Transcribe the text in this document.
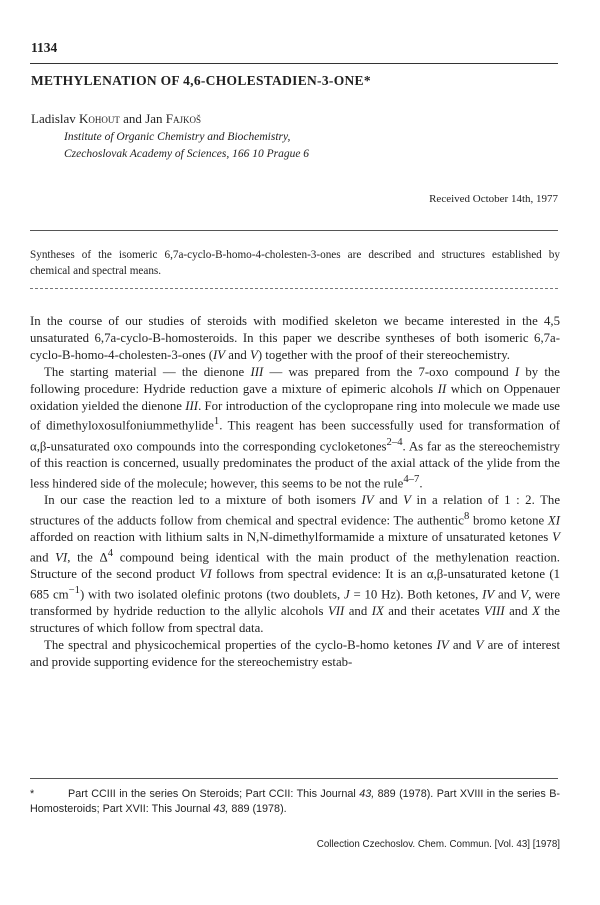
1134
METHYLENATION OF 4,6-CHOLESTADIEN-3-ONE*
Ladislav Kohout and Jan Fajkoš
Institute of Organic Chemistry and Biochemistry,
Czechoslovak Academy of Sciences, 166 10 Prague 6
Received October 14th, 1977
Syntheses of the isomeric 6,7a-cyclo-B-homo-4-cholesten-3-ones are described and structures established by chemical and spectral means.

In the course of our studies of steroids with modified skeleton we became interested in the 4,5 unsaturated 6,7a-cyclo-B-homosteroids. In this paper we describe syntheses of both isomeric 6,7a-cyclo-B-homo-4-cholesten-3-ones (IV and V) together with the proof of their stereochemistry.

The starting material — the dienone III — was prepared from the 7-oxo compound I by the following procedure: Hydride reduction gave a mixture of epimeric alcohols II which on Oppenauer oxidation yielded the dienone III. For introduction of the cyclopropane ring into molecule we made use of dimethyloxosulfoniummethylide$^1$. This reagent has been successfully used for transformation of α,β-unsaturated oxo compounds into the corresponding cycloketones$^{2-4}$. As far as the stereochemistry of this reaction is concerned, usually predominates the product of the axial attack of the ylide from the less hindered side of the molecule; however, this seems to be not the rule$^{4-7}$.

In our case the reaction led to a mixture of both isomers IV and V in a relation of 1 : 2. The structures of the adducts follow from chemical and spectral evidence: The authentic$^8$ bromo ketone XI afforded on reaction with lithium salts in N,N-dimethylformamide a mixture of unsaturated ketones V and VI, the $\Delta^4$ compound being identical with the main product of the methylenation reaction. Structure of the second product VI follows from spectral evidence: It is an α,β-unsaturated ketone (1 685 $cm^{-1}$) with two isolated olefinic protons (two doublets, J = 10 Hz). Both ketones, IV and V, were transformed by hydride reduction to the allylic alcohols VII and IX and their acetates VIII and X the structures of which follow from spectral data.

The spectral and physicochemical properties of the cyclo-B-homo ketones IV and V are of interest and provide supporting evidence for the stereochemistry estab-

*	Part CCIII in the series On Steroids; Part CCII: This Journal 43, 889 (1978). Part XVIII in the series B-Homosteroids; Part XVII: This Journal 43, 889 (1978).
Collection Czechoslov. Chem. Commun. [Vol. 43] [1978]
